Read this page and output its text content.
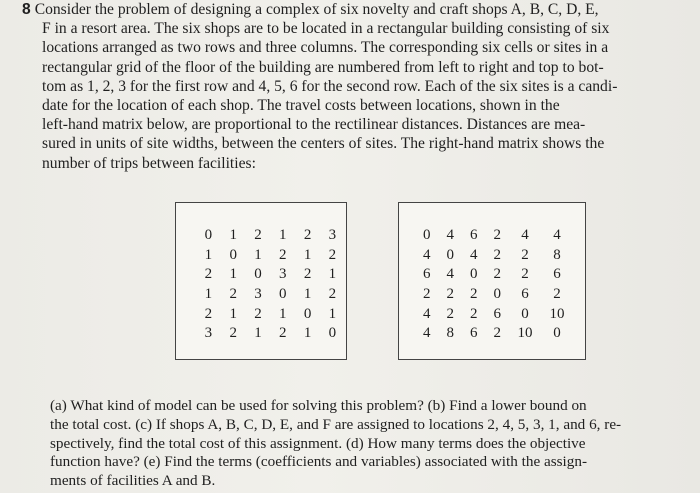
8 Consider the problem of designing a complex of six novelty and craft shops A, B, C, D, E,
F in a resort area. The six shops are to be located in a rectangular building consisting of six
locations arranged as two rows and three columns. The corresponding six cells or sites in a
rectangular grid of the floor of the building are numbered from left to right and top to bot-
tom as 1, 2, 3 for the first row and 4, 5, 6 for the second row. Each of the six sites is a candi-
date for the location of each shop. The travel costs between locations, shown in the
left-hand matrix below, are proportional to the rectilinear distances. Distances are mea-
sured in units of site widths, between the centers of sites. The right-hand matrix shows the
number of trips between facilities:
0	1	2	1	2	3
1	0	1	2	1	2
2	1	0	3	2	1
1	2	3	0	1	2
2	1	2	1	0	1
3	2	1	2	1	0
0	4	6	2	4	4
4	0	4	2	2	8
6	4	0	2	2	6
2	2	2	0	6	2
4	2	2	6	0	10
4	8	6	2	10	0
(a) What kind of model can be used for solving this problem? (b) Find a lower bound on
the total cost. (c) If shops A, B, C, D, E, and F are assigned to locations 2, 4, 5, 3, 1, and 6, re-
spectively, find the total cost of this assignment. (d) How many terms does the objective
function have? (e) Find the terms (coefficients and variables) associated with the assign-
ments of facilities A and B.
